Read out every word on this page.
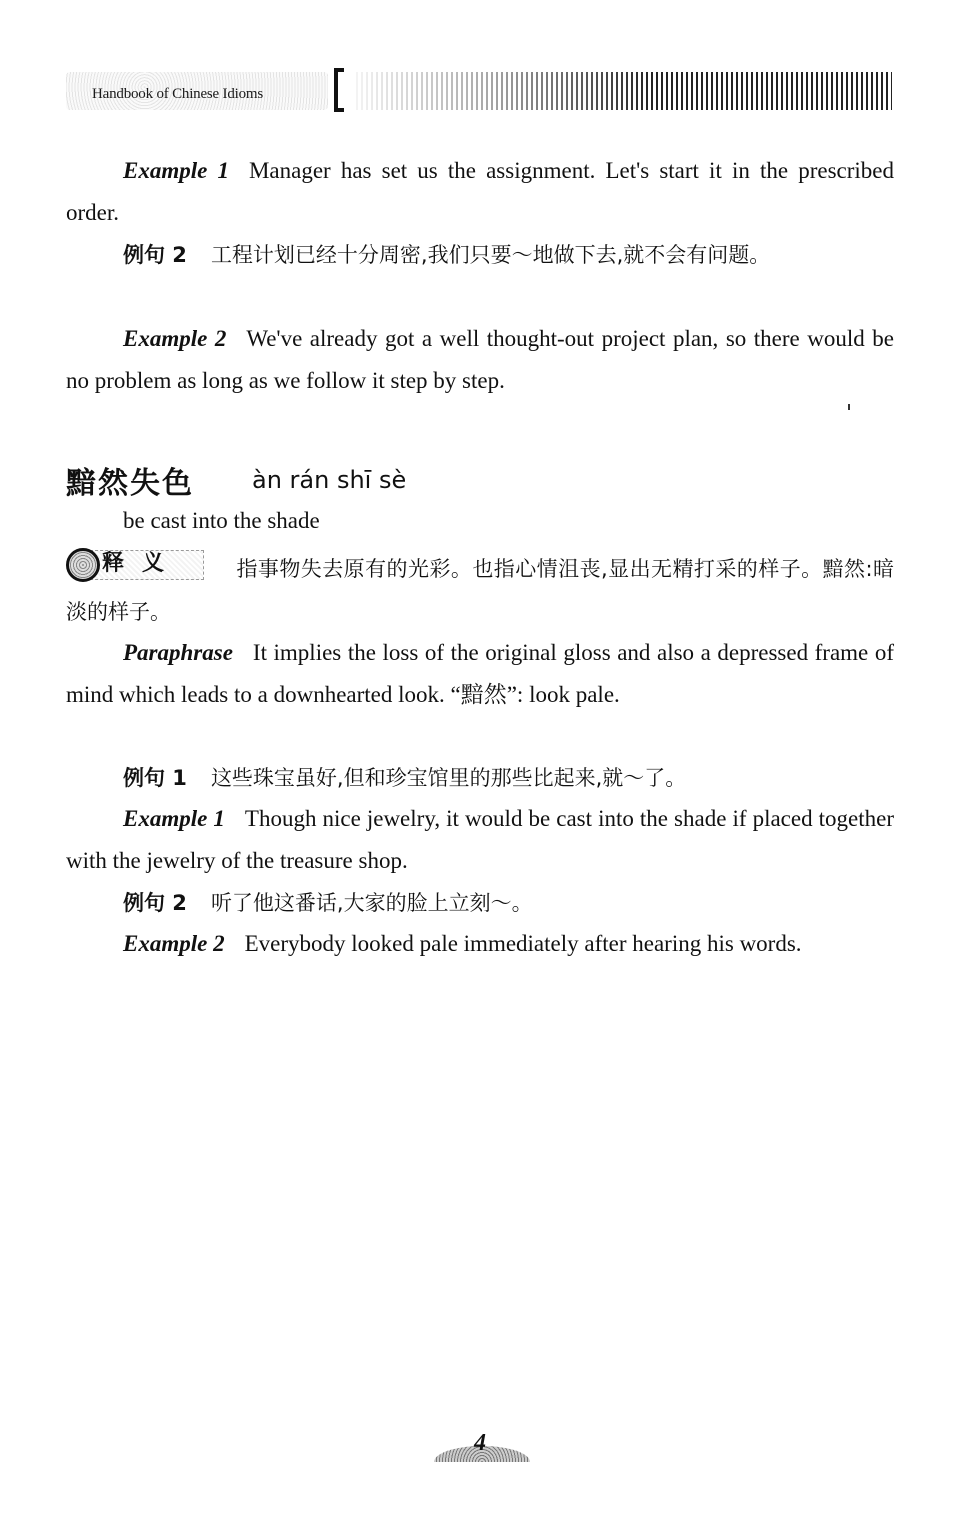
Handbook of Chinese Idioms
Example 1 Manager has set us the assignment. Let's start it in the prescribed order.
例句 2 工程计划已经十分周密,我们只要～地做下去,就不会有问题。
Example 2 We've already got a well thought-out project plan, so there would be no problem as long as we follow it step by step.
黯然失色 àn rán shī sè
be cast into the shade
释义	指事物失去原有的光彩。也指心情沮丧,显出无精打采的样子。黯然:暗淡的样子。
Paraphrase It implies the loss of the original gloss and also a depressed frame of mind which leads to a downhearted look. “黯然”: look pale.
例句 1 这些珠宝虽好,但和珍宝馆里的那些比起来,就～了。
Example 1 Though nice jewelry, it would be cast into the shade if placed together with the jewelry of the treasure shop.
例句 2 听了他这番话,大家的脸上立刻～。
Example 2 Everybody looked pale immediately after hearing his words.
4
